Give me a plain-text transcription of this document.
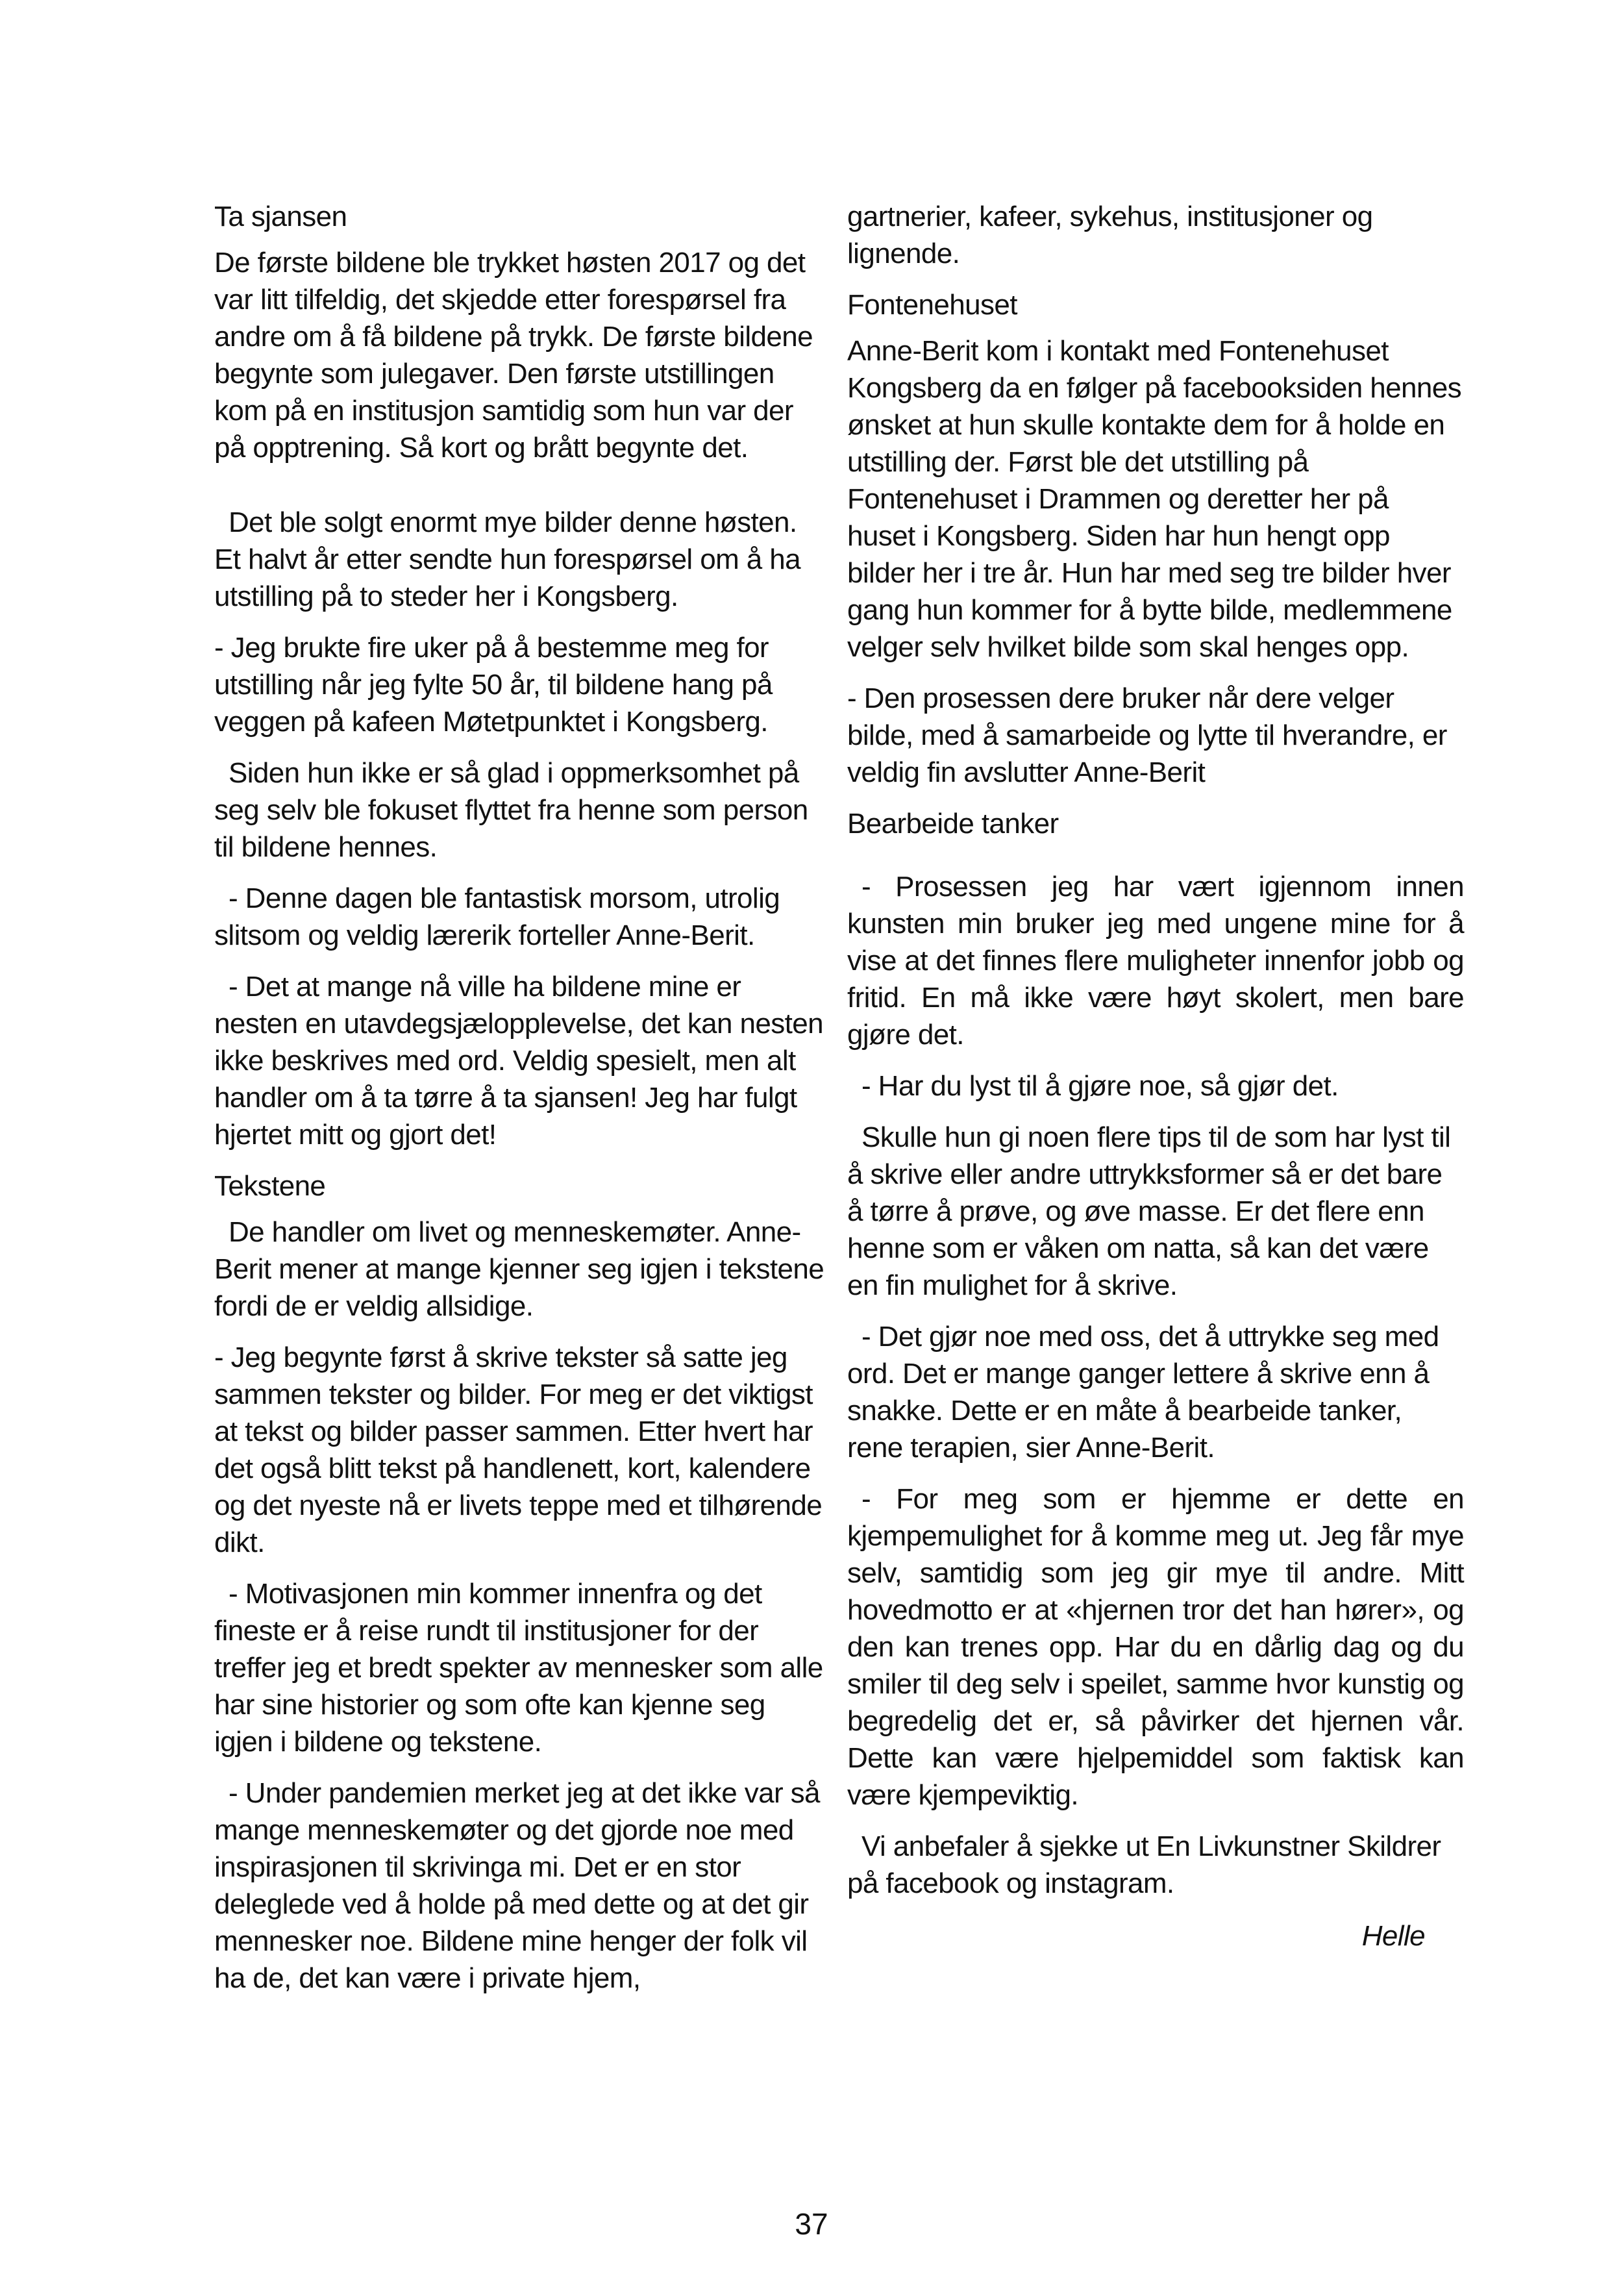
Ta sjansen
De første bildene ble trykket høsten 2017 og det var litt tilfeldig, det skjedde etter forespørsel fra andre om å få bildene på trykk. De første bildene begynte som julegaver. Den første utstillingen kom på en institusjon samtidig som hun var der på opptrening. Så kort og brått begynte det.
Det ble solgt enormt mye bilder denne høsten. Et halvt år etter sendte hun forespørsel om å ha utstilling på to steder her i Kongsberg.
- Jeg brukte fire uker på å bestemme meg for utstilling når jeg fylte 50 år, til bildene hang på veggen på kafeen Møtetpunktet i Kongsberg.
Siden hun ikke er så glad i oppmerksomhet på seg selv ble fokuset flyttet fra henne som person til bildene hennes.
- Denne dagen ble fantastisk morsom, utrolig slitsom og veldig lærerik forteller Anne-Berit.
- Det at mange nå ville ha bildene mine er nesten en utavdegsjælopplevelse, det kan nesten ikke beskrives med ord. Veldig spesielt, men alt handler om å ta tørre å ta sjansen! Jeg har fulgt hjertet mitt og gjort det!
Tekstene
De handler om livet og menneskemøter. Anne-Berit mener at mange kjenner seg igjen i tekstene fordi de er veldig allsidige.
- Jeg begynte først å skrive tekster så satte jeg sammen tekster og bilder. For meg er det viktigst at tekst og bilder passer sammen. Etter hvert har det også blitt tekst på handlenett, kort, kalendere og det nyeste nå er livets teppe med et tilhørende dikt.
- Motivasjonen min kommer innenfra og det fineste er å reise rundt til institusjoner for der treffer jeg et bredt spekter av mennesker som alle har sine historier og som ofte kan kjenne seg igjen i bildene og tekstene.
- Under pandemien merket jeg at det ikke var så mange menneskemøter og det gjorde noe med inspirasjonen til skrivinga mi. Det er en stor deleglede ved å holde på med dette og at det gir mennesker noe. Bildene mine henger der folk vil ha de, det kan være i private hjem,
gartnerier, kafeer, sykehus, institusjoner og lignende.
Fontenehuset
Anne-Berit kom i kontakt med Fontenehuset Kongsberg da en følger på facebooksiden hennes ønsket at hun skulle kontakte dem for å holde en utstilling der. Først ble det utstilling på Fontenehuset i Drammen og deretter her på huset i Kongsberg. Siden har hun hengt opp bilder her i tre år. Hun har med seg tre bilder hver gang hun kommer for å bytte bilde, medlemmene velger selv hvilket bilde som skal henges opp.
- Den prosessen dere bruker når dere velger bilde, med å samarbeide og lytte til hverandre, er veldig fin avslutter Anne-Berit
Bearbeide tanker
- Prosessen jeg har vært igjennom innen kunsten min bruker jeg med ungene mine for å vise at det finnes flere muligheter innenfor jobb og fritid. En må ikke være høyt skolert, men bare gjøre det.
- Har du lyst til å gjøre noe, så gjør det.
Skulle hun gi noen flere tips til de som har lyst til å skrive eller andre uttrykksformer så er det bare å tørre å prøve, og øve masse. Er det flere enn henne som er våken om natta, så kan det være en fin mulighet for å skrive.
- Det gjør noe med oss, det å uttrykke seg med ord. Det er mange ganger lettere å skrive enn å snakke. Dette er en måte å bearbeide tanker, rene terapien, sier Anne-Berit.
- For meg som er hjemme er dette en kjempemulighet for å komme meg ut. Jeg får mye selv, samtidig som jeg gir mye til andre. Mitt hovedmotto er at «hjernen tror det han hører», og den kan trenes opp. Har du en dårlig dag og du smiler til deg selv i speilet, samme hvor kunstig og begredelig det er, så påvirker det hjernen vår. Dette kan være hjelpemiddel som faktisk kan være kjempeviktig.
Vi anbefaler å sjekke ut En Livkunstner Skildrer på facebook og instagram.
Helle
37
